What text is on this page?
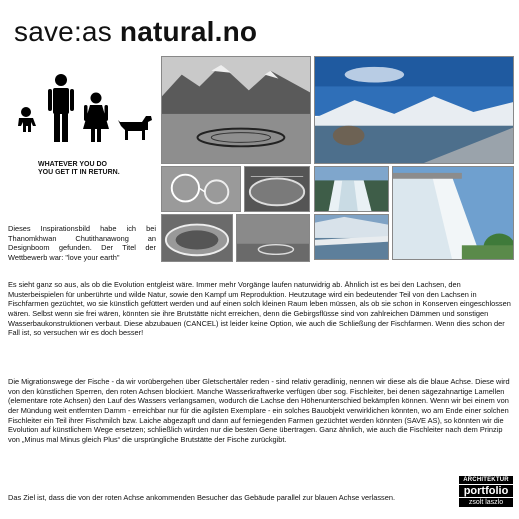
save:as natural.no
WHATEVER YOU DO
YOU GET IT IN RETURN.
Dieses Inspirationsbild habe ich bei Thanomkhwan Chutithanawong an Designboom gefunden. Der Titel der Wettbewerb war: "love your earth"
Es sieht ganz so aus, als ob die Evolution entgleist wäre. Immer mehr Vorgänge laufen naturwidrig ab. Ähnlich ist es bei den Lachsen, den Musterbeispielen für unberührte und wilde Natur, sowie den Kampf um Reproduktion. Heutzutage wird ein bedeutender Teil von den Lachsen in Fischfarmen gezüchtet, wo sie künstlich gefüttert werden und auf einen solch kleinen Raum leben müssen, als ob sie schon in Konserven eingeschlossen wären. Selbst wenn sie frei wären, könnten sie ihre Brutstätte nicht erreichen, denn die Gebirgsflüsse sind von zahlreichen Dämmen und sonstigen Wasserbaukonstruktionen verbaut. Diese abzubauen (CANCEL) ist leider keine Option, wie auch die Schließung der Fischfarmen. Wenn dies schon der Fall ist, so versuchen wir es doch besser!
Die Migrationswege der Fische - da wir vorübergehen über Gletschertäler reden - sind relativ geradlinig, nennen wir diese als die blaue Achse. Diese wird von den künstlichen Sperren, den roten Achsen blockiert. Manche Wasserkraftwerke verfügen über sog. Fischleiter, bei denen sägezahnartige Lamellen (elementare rote Achsen) den Lauf des Wassers verlangsamen, wodurch die Lachse den Höhenunterschied bekämpfen können. Wenn wir bei einem von der Mündung weit entfernten Damm - erreichbar nur für die agilsten Exemplare - ein solches Bauobjekt verwirklichen könnten, wo am Ende einer solchen Fischleiter ein Teil ihrer Fischmilch bzw. Laiche abgezapft und dann auf ferniegenden Farmen gezüchtet werden könnten (SAVE AS), so könnten wir die Evolution auf künstlichem Wege ersetzen; schließlich würden nur die besten Gene übertragen. Ganz ähnlich, wie auch die Fischleiter nach dem Prinzip von „Minus mal Minus gleich Plus“ die ursprüngliche Brutstätte der Fische zurückgibt.
Das Ziel ist, dass die von der roten Achse ankommenden Besucher das Gebäude parallel zur blauen Achse verlassen.
ARCHITEKTUR
portfolio
zsolt laszlo
